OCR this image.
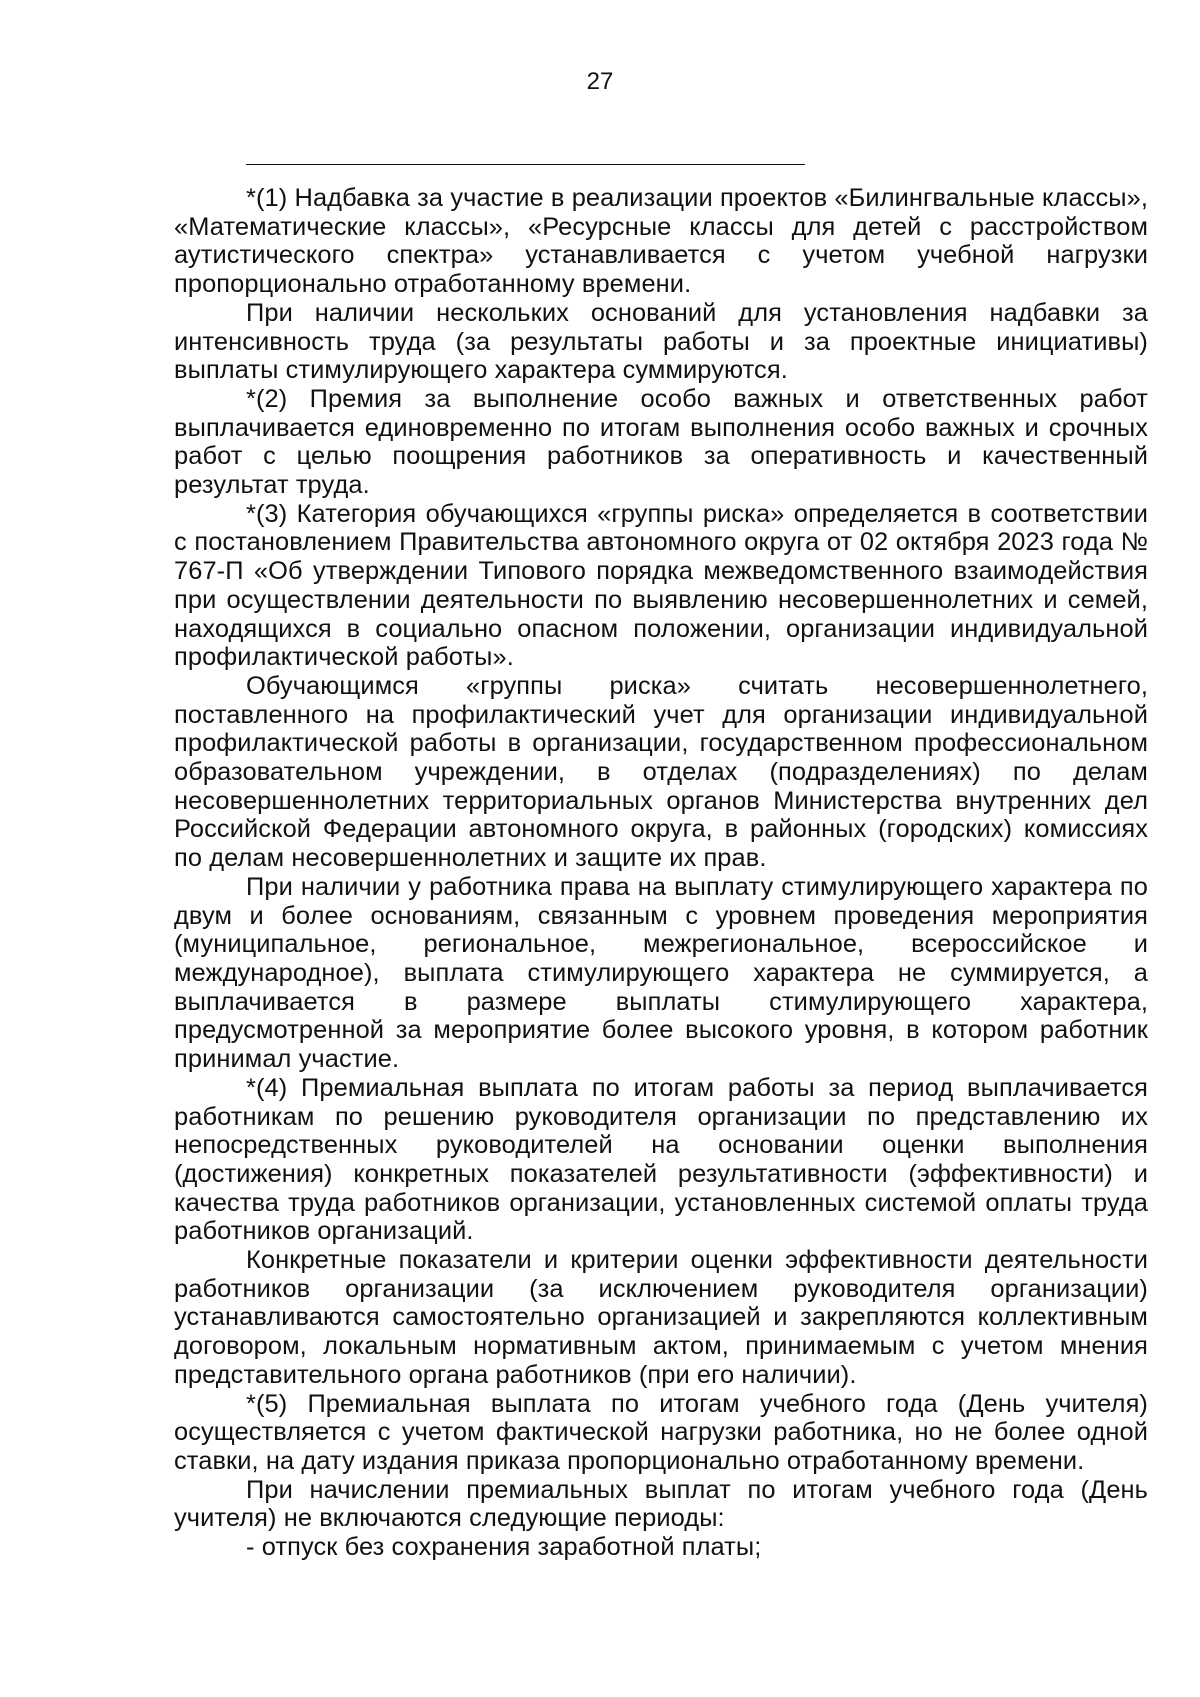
27

*(1) Надбавка за участие в реализации проектов «Билингвальные классы», «Математические классы», «Ресурсные классы для детей с расстройством аутистического спектра» устанавливается с учетом учебной нагрузки пропорционально отработанному времени.

При наличии нескольких оснований для установления надбавки за интенсивность труда (за результаты работы и за проектные инициативы) выплаты стимулирующего характера суммируются.

*(2) Премия за выполнение особо важных и ответственных работ выплачивается единовременно по итогам выполнения особо важных и срочных работ с целью поощрения работников за оперативность и качественный результат труда.

*(3) Категория обучающихся «группы риска» определяется в соответствии с постановлением Правительства автономного округа от 02 октября 2023 года № 767-П «Об утверждении Типового порядка межведомственного взаимодействия при осуществлении деятельности по выявлению несовершеннолетних и семей, находящихся в социально опасном положении, организации индивидуальной профилактической работы».

Обучающимся «группы риска» считать несовершеннолетнего, поставленного на профилактический учет для организации индивидуальной профилактической работы в организации, государственном профессиональном образовательном учреждении, в отделах (подразделениях) по делам несовершеннолетних территориальных органов Министерства внутренних дел Российской Федерации автономного округа, в районных (городских) комиссиях по делам несовершеннолетних и защите их прав.

При наличии у работника права на выплату стимулирующего характера по двум и более основаниям, связанным с уровнем проведения мероприятия (муниципальное, региональное, межрегиональное, всероссийское и международное), выплата стимулирующего характера не суммируется, а выплачивается в размере выплаты стимулирующего характера, предусмотренной за мероприятие более высокого уровня, в котором работник принимал участие.

*(4) Премиальная выплата по итогам работы за период выплачивается работникам по решению руководителя организации по представлению их непосредственных руководителей на основании оценки выполнения (достижения) конкретных показателей результативности (эффективности) и качества труда работников организации, установленных системой оплаты труда работников организаций.

Конкретные показатели и критерии оценки эффективности деятельности работников организации (за исключением руководителя организации) устанавливаются самостоятельно организацией и закрепляются коллективным договором, локальным нормативным актом, принимаемым с учетом мнения представительного органа работников (при его наличии).

*(5) Премиальная выплата по итогам учебного года (День учителя) осуществляется с учетом фактической нагрузки работника, но не более одной ставки, на дату издания приказа пропорционально отработанному времени.

При начислении премиальных выплат по итогам учебного года (День учителя) не включаются следующие периоды:

- отпуск без сохранения заработной платы;
